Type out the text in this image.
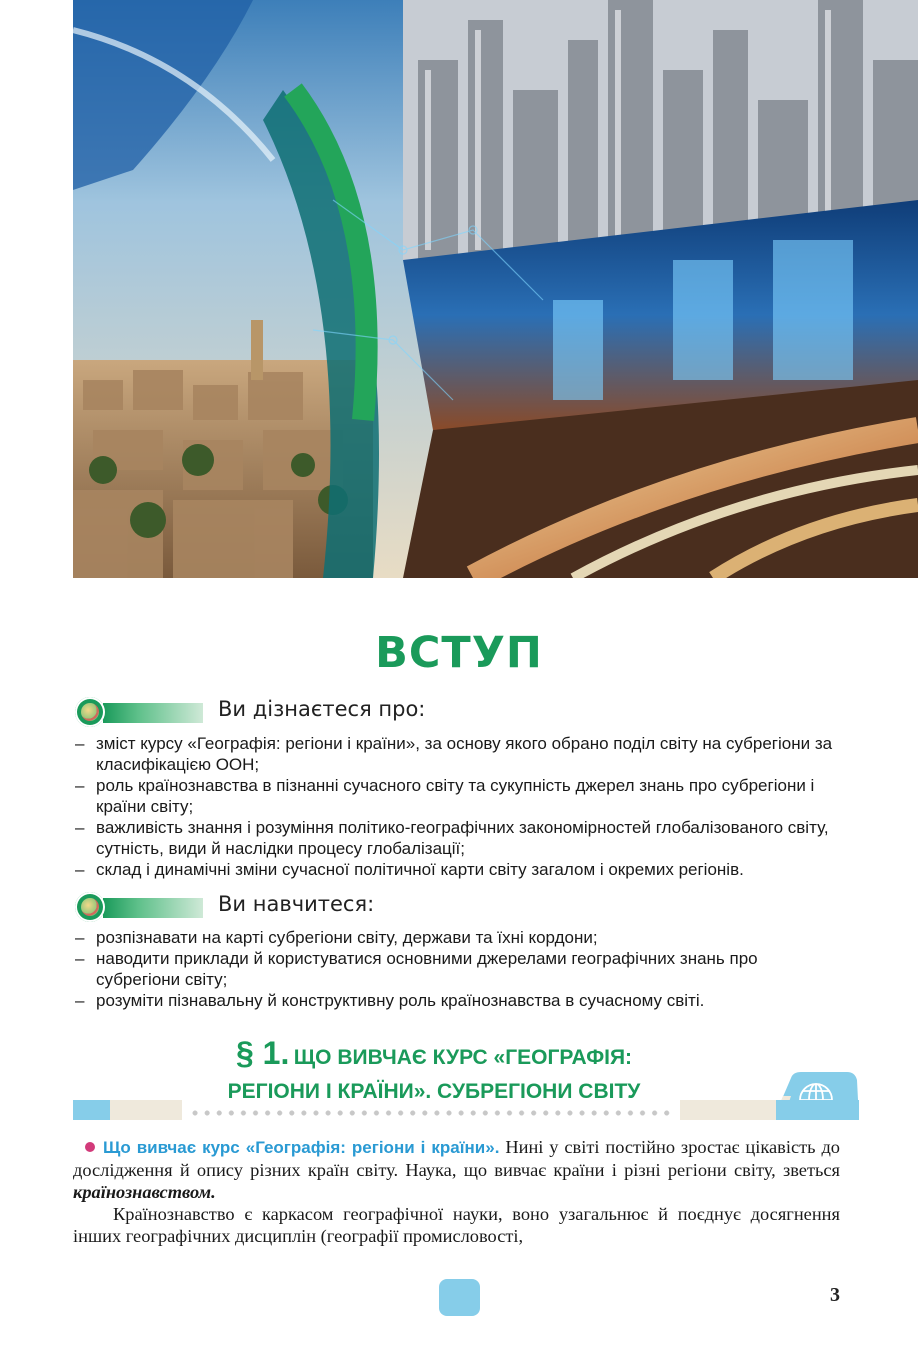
ВСТУП
Ви дізнаєтеся про:
– зміст курсу «Географія: регіони і країни», за основу якого обрано поділ світу на субрегіони за класифікацією ООН;
– роль країнознавства в пізнанні сучасного світу та сукупність джерел знань про субрегіони і країни світу;
– важливість знання і розуміння політико-географічних закономірностей глобалізованого світу, сутність, види й наслідки процесу глобалізації;
– склад і динамічні зміни сучасної політичної карти світу загалом і окремих регіонів.
Ви навчитеся:
– розпізнавати на карті субрегіони світу, держави та їхні кордони;
– наводити приклади й користуватися основними джерелами географічних знань про субрегіони світу;
– розуміти пізнавальну й конструктивну роль країнознавства в сучасному світі.
§ 1. ЩО ВИВЧАЄ КУРС «ГЕОГРАФІЯ:
РЕГІОНИ І КРАЇНИ». СУБРЕГІОНИ СВІТУ

Що вивчає курс «Географія: регіони і країни». Нині у світі постійно зростає цікавість до дослідження й опису різних країн світу. Наука, що вивчає країни і різні регіони світу, зветься країнознавством.

Країнознавство є каркасом географічної науки, воно узагальнює й поєднує досягнення інших географічних дисциплін (географії промисловості,

3
